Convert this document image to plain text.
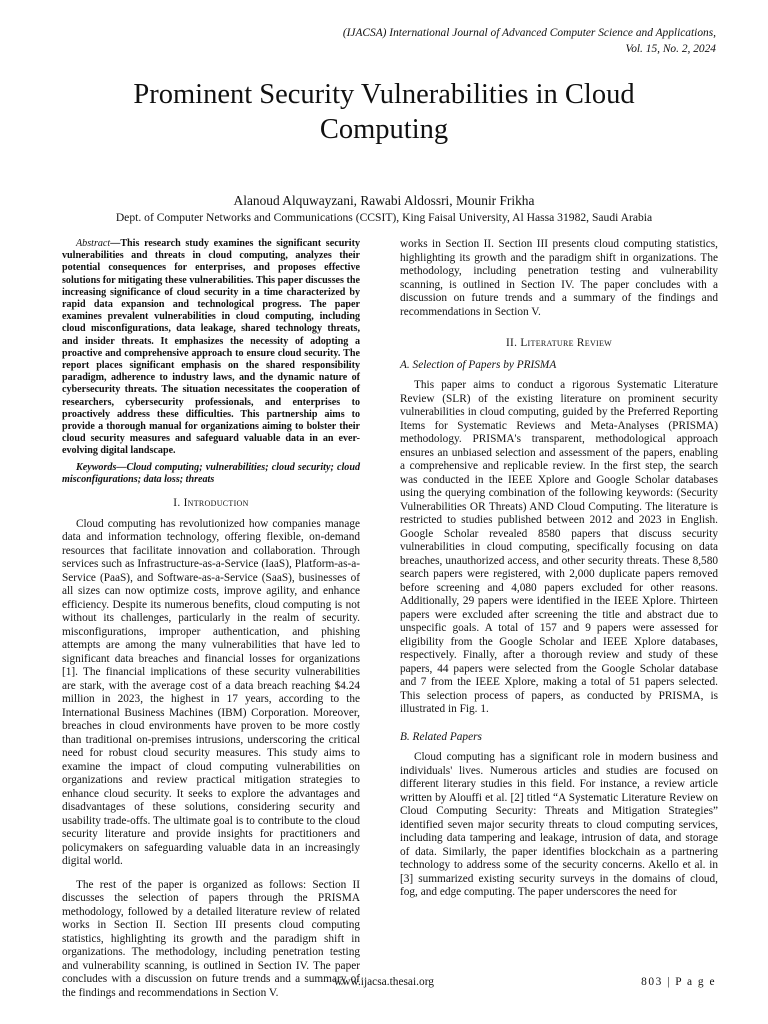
(IJACSA) International Journal of Advanced Computer Science and Applications,
Vol. 15, No. 2, 2024
Prominent Security Vulnerabilities in Cloud
Computing
Alanoud Alquwayzani, Rawabi Aldossri, Mounir Frikha
Dept. of Computer Networks and Communications (CCSIT), King Faisal University, Al Hassa 31982, Saudi Arabia

Abstract—This research study examines the significant security vulnerabilities and threats in cloud computing, analyzes their potential consequences for enterprises, and proposes effective solutions for mitigating these vulnerabilities. This paper discusses the increasing significance of cloud security in a time characterized by rapid data expansion and technological progress. The paper examines prevalent vulnerabilities in cloud computing, including cloud misconfigurations, data leakage, shared technology threats, and insider threats. It emphasizes the necessity of adopting a proactive and comprehensive approach to ensure cloud security. The report places significant emphasis on the shared responsibility paradigm, adherence to industry laws, and the dynamic nature of cybersecurity threats. The situation necessitates the cooperation of researchers, cybersecurity professionals, and enterprises to proactively address these difficulties. This partnership aims to provide a thorough manual for organizations aiming to bolster their cloud security measures and safeguard valuable data in an ever-evolving digital landscape.

Keywords—Cloud computing; vulnerabilities; cloud security; cloud misconfigurations; data loss; threats

I. Introduction

Cloud computing has revolutionized how companies manage data and information technology, offering flexible, on-demand resources that facilitate innovation and collaboration. Through services such as Infrastructure-as-a-Service (IaaS), Platform-as-a-Service (PaaS), and Software-as-a-Service (SaaS), businesses of all sizes can now optimize costs, improve agility, and enhance efficiency. Despite its numerous benefits, cloud computing is not without its challenges, particularly in the realm of security. misconfigurations, improper authentication, and phishing attempts are among the many vulnerabilities that have led to significant data breaches and financial losses for organizations [1]. The financial implications of these security vulnerabilities are stark, with the average cost of a data breach reaching $4.24 million in 2023, the highest in 17 years, according to the International Business Machines (IBM) Corporation. Moreover, breaches in cloud environments have proven to be more costly than traditional on-premises intrusions, underscoring the critical need for robust cloud security measures. This study aims to examine the impact of cloud computing vulnerabilities on organizations and review practical mitigation strategies to enhance cloud security. It seeks to explore the advantages and disadvantages of these solutions, considering security and usability trade-offs. The ultimate goal is to contribute to the cloud security literature and provide insights for practitioners and policymakers on safeguarding valuable data in an increasingly digital world.

The rest of the paper is organized as follows: Section II discusses the selection of papers through the PRISMA methodology, followed by a detailed literature review of related works in Section II. Section III presents cloud computing statistics, highlighting its growth and the paradigm shift in organizations. The methodology, including penetration testing and vulnerability scanning, is outlined in Section IV. The paper concludes with a discussion on future trends and a summary of the findings and recommendations in Section V.

works in Section II. Section III presents cloud computing statistics, highlighting its growth and the paradigm shift in organizations. The methodology, including penetration testing and vulnerability scanning, is outlined in Section IV. The paper concludes with a discussion on future trends and a summary of the findings and recommendations in Section V.

II. Literature Review
A. Selection of Papers by PRISMA

This paper aims to conduct a rigorous Systematic Literature Review (SLR) of the existing literature on prominent security vulnerabilities in cloud computing, guided by the Preferred Reporting Items for Systematic Reviews and Meta-Analyses (PRISMA) methodology. PRISMA's transparent, methodological approach ensures an unbiased selection and assessment of the papers, enabling a comprehensive and replicable review. In the first step, the search was conducted in the IEEE Xplore and Google Scholar databases using the querying combination of the following keywords: (Security Vulnerabilities OR Threats) AND Cloud Computing. The literature is restricted to studies published between 2012 and 2023 in English. Google Scholar revealed 8580 papers that discuss security vulnerabilities in cloud computing, specifically focusing on data breaches, unauthorized access, and other security threats. These 8,580 search papers were registered, with 2,000 duplicate papers removed before screening and 4,080 papers excluded for other reasons. Additionally, 29 papers were identified in the IEEE Xplore. Thirteen papers were excluded after screening the title and abstract due to unspecific goals. A total of 157 and 9 papers were assessed for eligibility from the Google Scholar and IEEE Xplore databases, respectively. Finally, after a thorough review and study of these papers, 44 papers were selected from the Google Scholar database and 7 from the IEEE Xplore, making a total of 51 papers selected. This selection process of papers, as conducted by PRISMA, is illustrated in Fig. 1.

B. Related Papers

Cloud computing has a significant role in modern business and individuals' lives. Numerous articles and studies are focused on different literary studies in this field. For instance, a review article written by Alouffi et al. [2] titled “A Systematic Literature Review on Cloud Computing Security: Threats and Mitigation Strategies” identified seven major security threats to cloud computing services, including data tampering and leakage, intrusion of data, and storage of data. Similarly, the paper identifies blockchain as a partnering technology to address some of the security concerns. Akello et al. in [3] summarized existing security surveys in the domains of cloud, fog, and edge computing. The paper underscores the need for

www.ijacsa.thesai.org	803 | P a g e
